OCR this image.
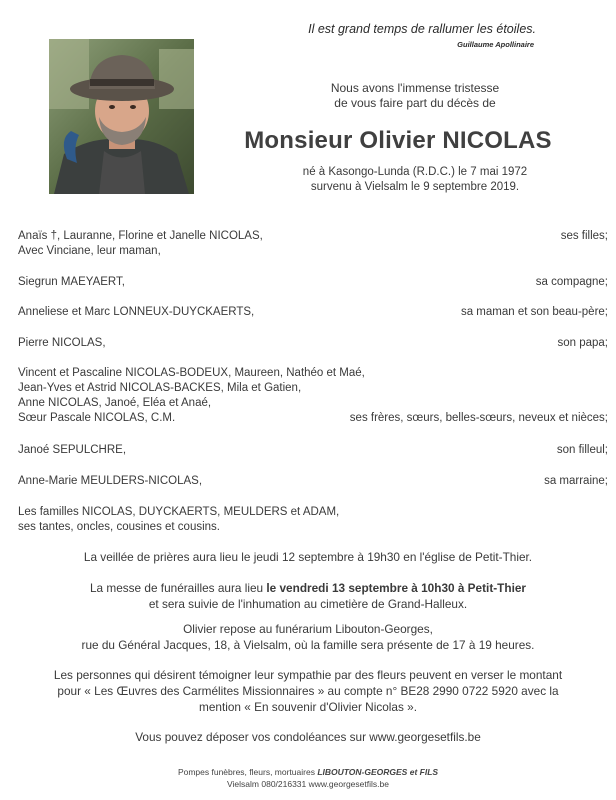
Il est grand temps de rallumer les étoiles.
Guillaume Apollinaire
Nous avons l'immense tristesse
de vous faire part du décès de
Monsieur Olivier NICOLAS
né à Kasongo-Lunda (R.D.C.) le 7 mai 1972
survenu à Vielsalm le 9 septembre 2019.
Anaïs †, Lauranne, Florine et Janelle NICOLAS,
Avec Vinciane, leur maman,
ses filles;
Siegrun MAEYAERT,	sa compagne;
Anneliese et Marc LONNEUX-DUYCKAERTS,	sa maman et son beau-père;
Pierre NICOLAS,	son papa;
Vincent et Pascaline NICOLAS-BODEUX, Maureen, Nathéo et Maé,
Jean-Yves et Astrid NICOLAS-BACKES, Mila et Gatien,
Anne NICOLAS, Janoé, Eléa et Anaé,
Sœur Pascale NICOLAS, C.M.	ses frères, sœurs, belles-sœurs, neveux et nièces;
Janoé SEPULCHRE,	son filleul;
Anne-Marie MEULDERS-NICOLAS,	sa marraine;
Les familles NICOLAS, DUYCKAERTS, MEULDERS et ADAM,
ses tantes, oncles, cousines et cousins.
La veillée de prières aura lieu le jeudi 12 septembre à 19h30 en l'église de Petit-Thier.
La messe de funérailles aura lieu le vendredi 13 septembre à 10h30 à Petit-Thier
et sera suivie de l'inhumation au cimetière de Grand-Halleux.
Olivier repose au funérarium Libouton-Georges,
rue du Général Jacques, 18, à Vielsalm, où la famille sera présente de 17 à 19 heures.
Les personnes qui désirent témoigner leur sympathie par des fleurs peuvent en verser le montant
pour « Les Œuvres des Carmélites Missionnaires » au compte n° BE28 2990 0722 5920 avec la
mention « En souvenir d'Olivier Nicolas ».
Vous pouvez déposer vos condoléances sur www.georgesetfils.be
Pompes funèbres, fleurs, mortuaires LIBOUTON-GEORGES et FILS
Vielsalm 080/216331 www.georgesetfils.be
